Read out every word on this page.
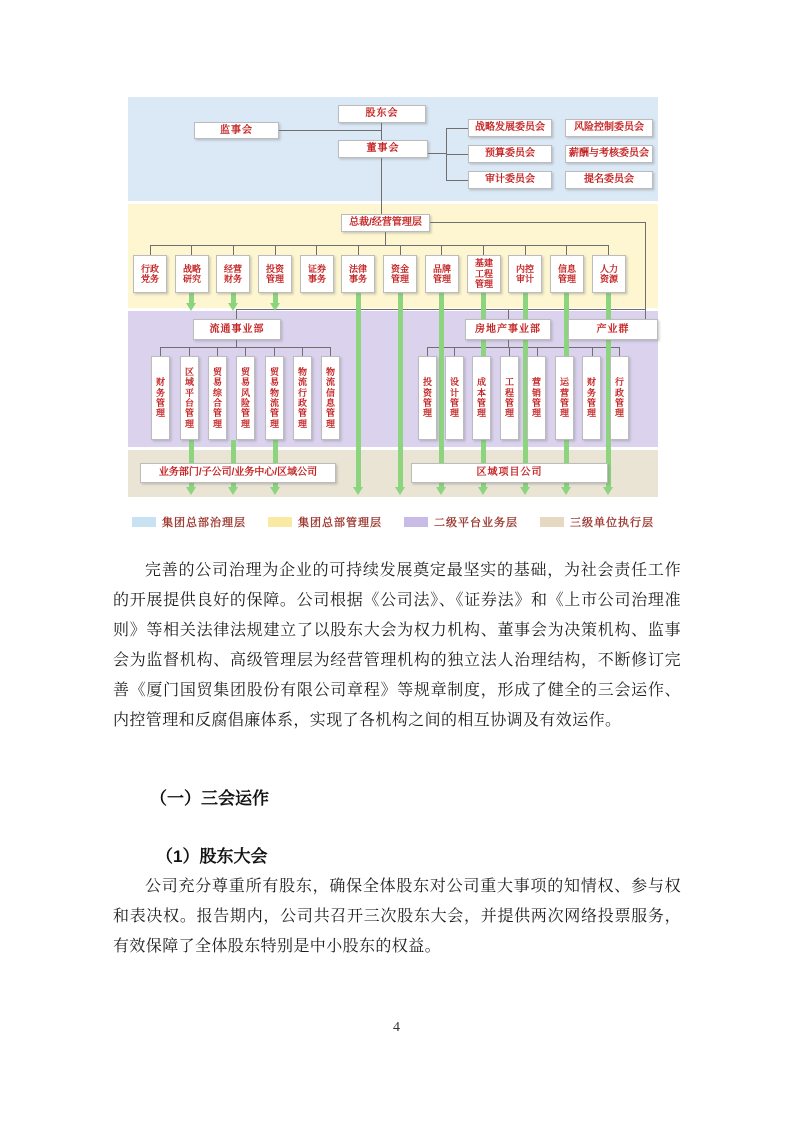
股东会
监事会
董事会
战略发展委员会
预算委员会
审计委员会
风险控制委员会
薪酬与考核委员会
提名委员会
总裁/经营管理层
行政党务
战略研究
经营财务
投资管理
证券事务
法律事务
资金管理
品牌管理
基建工程管理
内控审计
信息管理
人力资源
流通事业部	房地产事业部	产业群
财务管理
区域平台管理
贸易综合管理
贸易风险管理
贸易物流管理
物流行政管理
物流信息管理
投资管理
设计管理
成本管理
工程管理
营销管理
运营管理
财务管理
行政管理
业务部门/子公司/业务中心/区域公司	区域项目公司
集团总部治理层	集团总部管理层	二级平台业务层	三级单位执行层

完善的公司治理为企业的可持续发展奠定最坚实的基础，为社会责任工作的开展提供良好的保障。公司根据《公司法》、《证券法》和《上市公司治理准则》等相关法律法规建立了以股东大会为权力机构、董事会为决策机构、监事会为监督机构、高级管理层为经营管理机构的独立法人治理结构，不断修订完善《厦门国贸集团股份有限公司章程》等规章制度，形成了健全的三会运作、内控管理和反腐倡廉体系，实现了各机构之间的相互协调及有效运作。

（一）三会运作
（1）股东大会

公司充分尊重所有股东，确保全体股东对公司重大事项的知情权、参与权和表决权。报告期内，公司共召开三次股东大会，并提供两次网络投票服务，有效保障了全体股东特别是中小股东的权益。

4
